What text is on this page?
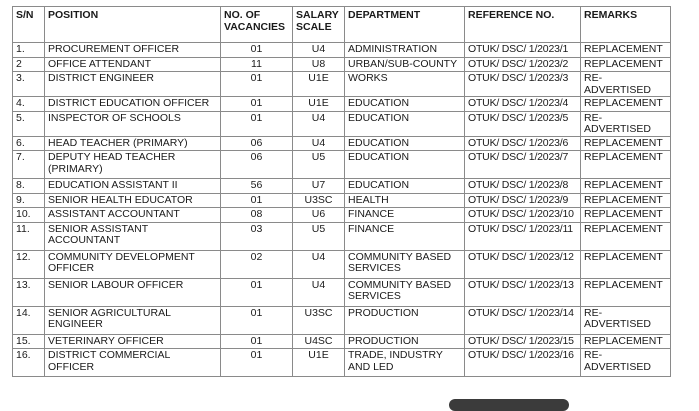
S/N	POSITION	NO. OF VACANCIES	SALARY SCALE	DEPARTMENT	REFERENCE NO.	REMARKS
1.	PROCUREMENT OFFICER	01	U4	ADMINISTRATION	OTUK/ DSC/ 1/2023/1	REPLACEMENT
2	OFFICE ATTENDANT	11	U8	URBAN/SUB-COUNTY	OTUK/ DSC/ 1/2023/2	REPLACEMENT
3.	DISTRICT ENGINEER	01	U1E	WORKS	OTUK/ DSC/ 1/2023/3	RE-ADVERTISED
4.	DISTRICT EDUCATION OFFICER	01	U1E	EDUCATION	OTUK/ DSC/ 1/2023/4	REPLACEMENT
5.	INSPECTOR OF SCHOOLS	01	U4	EDUCATION	OTUK/ DSC/ 1/2023/5	RE-ADVERTISED
6.	HEAD TEACHER (PRIMARY)	06	U4	EDUCATION	OTUK/ DSC/ 1/2023/6	REPLACEMENT
7.	DEPUTY HEAD TEACHER (PRIMARY)	06	U5	EDUCATION	OTUK/ DSC/ 1/2023/7	REPLACEMENT
8.	EDUCATION ASSISTANT II	56	U7	EDUCATION	OTUK/ DSC/ 1/2023/8	REPLACEMENT
9.	SENIOR HEALTH EDUCATOR	01	U3SC	HEALTH	OTUK/ DSC/ 1/2023/9	REPLACEMENT
10.	ASSISTANT ACCOUNTANT	08	U6	FINANCE	OTUK/ DSC/ 1/2023/10	REPLACEMENT
11.	SENIOR ASSISTANT ACCOUNTANT	03	U5	FINANCE	OTUK/ DSC/ 1/2023/11	REPLACEMENT
12.	COMMUNITY DEVELOPMENT OFFICER	02	U4	COMMUNITY BASED SERVICES	OTUK/ DSC/ 1/2023/12	REPLACEMENT
13.	SENIOR LABOUR OFFICER	01	U4	COMMUNITY BASED SERVICES	OTUK/ DSC/ 1/2023/13	REPLACEMENT
14.	SENIOR AGRICULTURAL ENGINEER	01	U3SC	PRODUCTION	OTUK/ DSC/ 1/2023/14	RE-ADVERTISED
15.	VETERINARY OFFICER	01	U4SC	PRODUCTION	OTUK/ DSC/ 1/2023/15	REPLACEMENT
16.	DISTRICT COMMERCIAL OFFICER	01	U1E	TRADE, INDUSTRY AND LED	OTUK/ DSC/ 1/2023/16	RE-ADVERTISED
